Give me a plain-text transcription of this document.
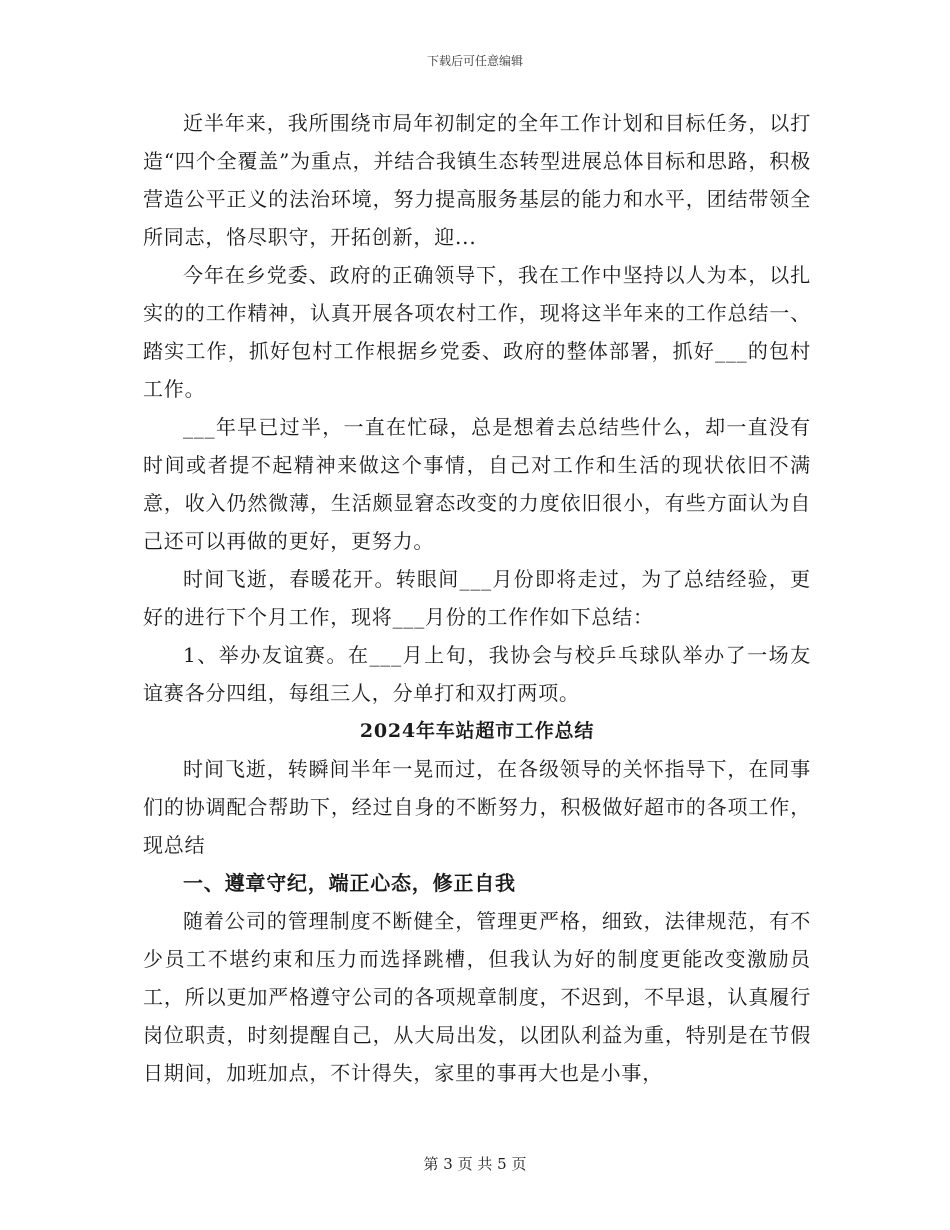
下载后可任意编辑

近半年来，我所围绕市局年初制定的全年工作计划和目标任务，以打造“四个全覆盖”为重点，并结合我镇生态转型进展总体目标和思路，积极营造公平正义的法治环境，努力提高服务基层的能力和水平，团结带领全所同志，恪尽职守，开拓创新，迎...

今年在乡党委、政府的正确领导下，我在工作中坚持以人为本，以扎实的的工作精神，认真开展各项农村工作，现将这半年来的工作总结一、踏实工作，抓好包村工作根据乡党委、政府的整体部署，抓好___的包村工作。

___年早已过半，一直在忙碌，总是想着去总结些什么，却一直没有时间或者提不起精神来做这个事情，自己对工作和生活的现状依旧不满意，收入仍然微薄，生活颇显窘态改变的力度依旧很小，有些方面认为自己还可以再做的更好，更努力。

时间飞逝，春暖花开。转眼间___月份即将走过，为了总结经验，更好的进行下个月工作，现将___月份的工作作如下总结：

1、举办友谊赛。在___月上旬，我协会与校乒乓球队举办了一场友谊赛各分四组，每组三人，分单打和双打两项。

2024年车站超市工作总结

时间飞逝，转瞬间半年一晃而过，在各级领导的关怀指导下，在同事们的协调配合帮助下，经过自身的不断努力，积极做好超市的各项工作，现总结

一、遵章守纪，端正心态，修正自我

随着公司的管理制度不断健全，管理更严格，细致，法律规范，有不少员工不堪约束和压力而选择跳槽，但我认为好的制度更能改变激励员工，所以更加严格遵守公司的各项规章制度，不迟到，不早退，认真履行岗位职责，时刻提醒自己，从大局出发，以团队利益为重，特别是在节假日期间，加班加点，不计得失，家里的事再大也是小事，

第 3 页 共 5 页
